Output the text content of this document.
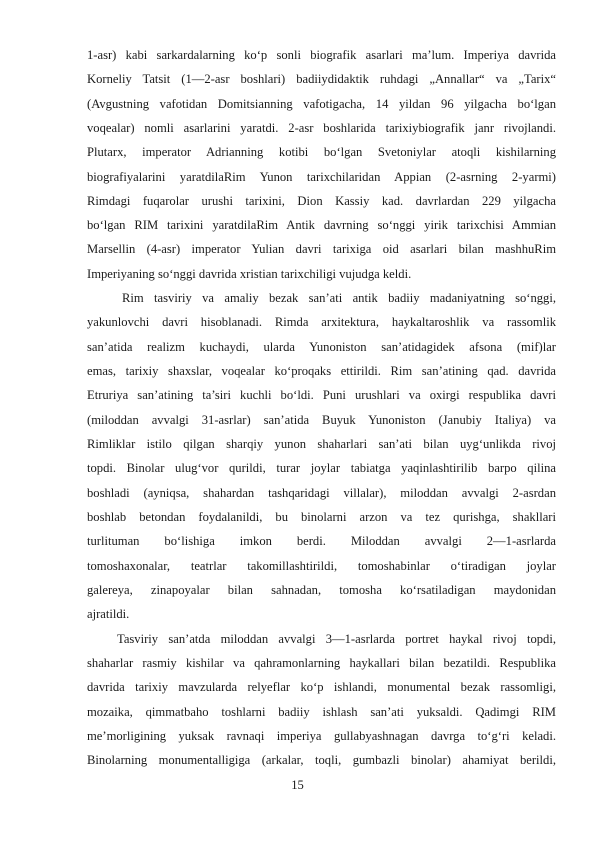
1-asr) kabi sarkardalarning ko‘p sonli biografik asarlari ma’lum. Imperiya davrida
Korneliy Tatsit (1—2-asr boshlari) badiiydidaktik ruhdagi „Annallar“ va „Tarix“
(Avgustning vafotidan Domitsianning vafotigacha, 14 yildan 96 yilgacha bo‘lgan
voqealar) nomli asarlarini yaratdi. 2-asr boshlarida tarixiybiografik janr rivojlandi.
Plutarx, imperator Adrianning kotibi bo‘lgan Svetoniylar atoqli kishilarning
biografiyalarini yaratdilaRim Yunon tarixchilaridan Appian (2-asrning 2-yarmi)
Rimdagi fuqarolar urushi tarixini, Dion Kassiy kad. davrlardan 229 yilgacha
bo‘lgan RIM tarixini yaratdilaRim Antik davrning so‘nggi yirik tarixchisi Ammian
Marsellin (4-asr) imperator Yulian davri tarixiga oid asarlari bilan mashhuRim
Imperiyaning so‘nggi davrida xristian tarixchiligi vujudga keldi.
Rim tasviriy va amaliy bezak san’ati antik badiiy madaniyatning so‘nggi,
yakunlovchi davri hisoblanadi. Rimda arxitektura, haykaltaroshlik va rassomlik
san’atida realizm kuchaydi, ularda Yunoniston san’atidagidek afsona (mif)lar
emas, tarixiy shaxslar, voqealar ko‘proqaks ettirildi. Rim san’atining qad. davrida
Etruriya san’atining ta’siri kuchli bo‘ldi. Puni urushlari va oxirgi respublika davri
(miloddan avvalgi 31-asrlar) san’atida Buyuk Yunoniston (Janubiy Italiya) va
Rimliklar istilo qilgan sharqiy yunon shaharlari san’ati bilan uyg‘unlikda rivoj
topdi. Binolar ulug‘vor qurildi, turar joylar tabiatga yaqinlashtirilib barpo qilina
boshladi (ayniqsa, shahardan tashqaridagi villalar), miloddan avvalgi 2-asrdan
boshlab betondan foydalanildi, bu binolarni arzon va tez qurishga, shakllari
turlituman bo‘lishiga imkon berdi. Miloddan avvalgi 2—1-asrlarda
tomoshaxonalar, teatrlar takomillashtirildi, tomoshabinlar o‘tiradigan joylar
galereya, zinapoyalar bilan sahnadan, tomosha ko‘rsatiladigan maydonidan
ajratildi.
Tasviriy san’atda miloddan avvalgi 3—1-asrlarda portret haykal rivoj topdi,
shaharlar rasmiy kishilar va qahramonlarning haykallari bilan bezatildi. Respublika
davrida tarixiy mavzularda relyeflar ko‘p ishlandi, monumental bezak rassomligi,
mozaika, qimmatbaho toshlarni badiiy ishlash san’ati yuksaldi. Qadimgi RIM
me’morligining yuksak ravnaqi imperiya gullabyashnagan davrga to‘g‘ri keladi.
Binolarning monumentalligiga (arkalar, toqli, gumbazli binolar) ahamiyat berildi,
15
